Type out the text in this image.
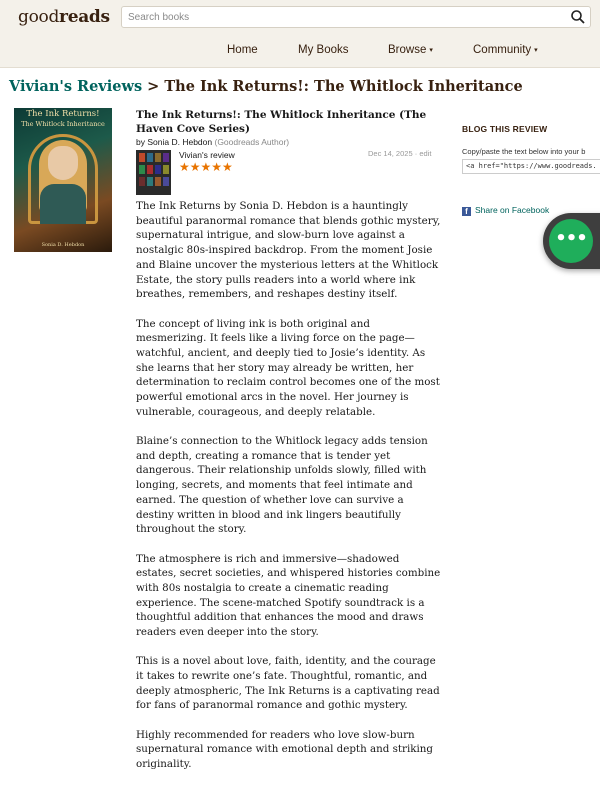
goodreads
Search books
Home	My Books	Browse ▾	Community ▾
Vivian's Reviews > The Ink Returns!: The Whitlock Inheritance
The Ink Returns!
The Whitlock Inheritance
Sonia D. Hebdon
The Ink Returns!: The Whitlock Inheritance (The Haven Cove Series)
by Sonia D. Hebdon (Goodreads Author)
Vivian's review
★★★★★
Dec 14, 2025 · edit

The Ink Returns by Sonia D. Hebdon is a hauntingly beautiful paranormal romance that blends gothic mystery, supernatural intrigue, and slow-burn love against a nostalgic 80s-inspired backdrop. From the moment Josie and Blaine uncover the mysterious letters at the Whitlock Estate, the story pulls readers into a world where ink breathes, remembers, and reshapes destiny itself.

The concept of living ink is both original and mesmerizing. It feels like a living force on the page—watchful, ancient, and deeply tied to Josie’s identity. As she learns that her story may already be written, her determination to reclaim control becomes one of the most powerful emotional arcs in the novel. Her journey is vulnerable, courageous, and deeply relatable.

Blaine’s connection to the Whitlock legacy adds tension and depth, creating a romance that is tender yet dangerous. Their relationship unfolds slowly, filled with longing, secrets, and moments that feel intimate and earned. The question of whether love can survive a destiny written in blood and ink lingers beautifully throughout the story.

The atmosphere is rich and immersive—shadowed estates, secret societies, and whispered histories combine with 80s nostalgia to create a cinematic reading experience. The scene-matched Spotify soundtrack is a thoughtful addition that enhances the mood and draws readers even deeper into the story.

This is a novel about love, faith, identity, and the courage it takes to rewrite one’s fate. Thoughtful, romantic, and deeply atmospheric, The Ink Returns is a captivating read for fans of paranormal romance and gothic mystery.

Highly recommended for readers who love slow-burn supernatural romance with emotional depth and striking originality.

BLOG THIS REVIEW
Copy/paste the text below into your b
<a href="https://www.goodreads.
f Share on Facebook
•••
